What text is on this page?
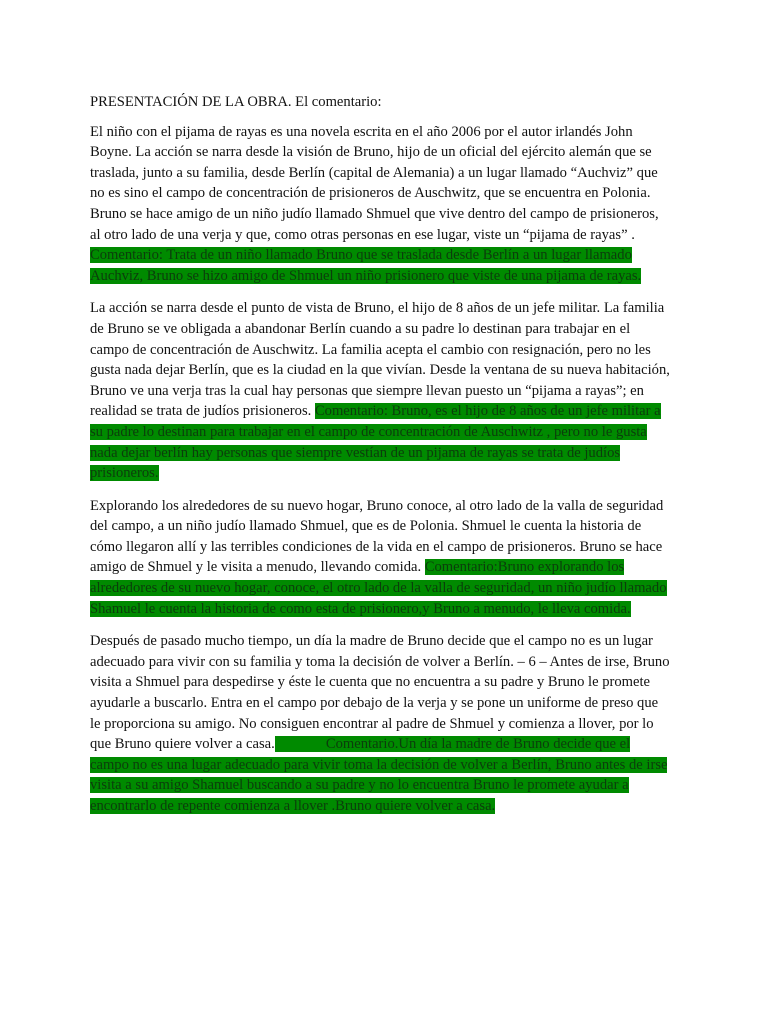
PRESENTACIÓN DE LA OBRA. El comentario:

El niño con el pijama de rayas es una novela escrita en el año 2006 por el autor irlandés John Boyne. La acción se narra desde la visión de Bruno, hijo de un oficial del ejército alemán que se traslada, junto a su familia, desde Berlín (capital de Alemania) a un lugar llamado “Auchviz” que no es sino el campo de concentración de prisioneros de Auschwitz, que se encuentra en Polonia. Bruno se hace amigo de un niño judío llamado Shmuel que vive dentro del campo de prisioneros, al otro lado de una verja y que, como otras personas en ese lugar, viste un “pijama de rayas” . Comentario: Trata de un niño llamado Bruno que se traslada desde Berlín a un lugar llamado Auchviz, Bruno se hizo amigo de Shmuel un niño prisionero que viste de una pijama de rayas.

La acción se narra desde el punto de vista de Bruno, el hijo de 8 años de un jefe militar. La familia de Bruno se ve obligada a abandonar Berlín cuando a su padre lo destinan para trabajar en el campo de concentración de Auschwitz. La familia acepta el cambio con resignación, pero no les gusta nada dejar Berlín, que es la ciudad en la que vivían. Desde la ventana de su nueva habitación, Bruno ve una verja tras la cual hay personas que siempre llevan puesto un “pijama a rayas”; en realidad se trata de judíos prisioneros. Comentario: Bruno, es el hijo de 8 años de un jefe militar a su padre lo destinan para trabajar en el campo de concentración de Auschwitz , pero no le gusta nada dejar berlín hay personas que siempre vestían de un pijama de rayas se trata de judíos prisioneros.

Explorando los alrededores de su nuevo hogar, Bruno conoce, al otro lado de la valla de seguridad del campo, a un niño judío llamado Shmuel, que es de Polonia. Shmuel le cuenta la historia de cómo llegaron allí y las terribles condiciones de la vida en el campo de prisioneros. Bruno se hace amigo de Shmuel y le visita a menudo, llevando comida. Comentario:Bruno explorando los alrededores de su nuevo hogar, conoce, el otro lado de la valla de seguridad, un niño judío llamado Shamuel le cuenta la historia de como esta de prisionero,y Bruno a menudo, le lleva comida.

Después de pasado mucho tiempo, un día la madre de Bruno decide que el campo no es un lugar adecuado para vivir con su familia y toma la decisión de volver a Berlín. – 6 – Antes de irse, Bruno visita a Shmuel para despedirse y éste le cuenta que no encuentra a su padre y Bruno le promete ayudarle a buscarlo. Entra en el campo por debajo de la verja y se pone un uniforme de preso que le proporciona su amigo. No consiguen encontrar al padre de Shmuel y comienza a llover, por lo que Bruno quiere volver a casa.	Comentario.Un día la madre de Bruno decide que el campo no es una lugar adecuado para vivir toma la decisión de volver a Berlín, Bruno antes de irse visita a su amigo Shamuel buscando a su padre y no lo encuentra Bruno le promete ayudar a encontrarlo de repente comienza a llover .Bruno quiere volver a casa.
